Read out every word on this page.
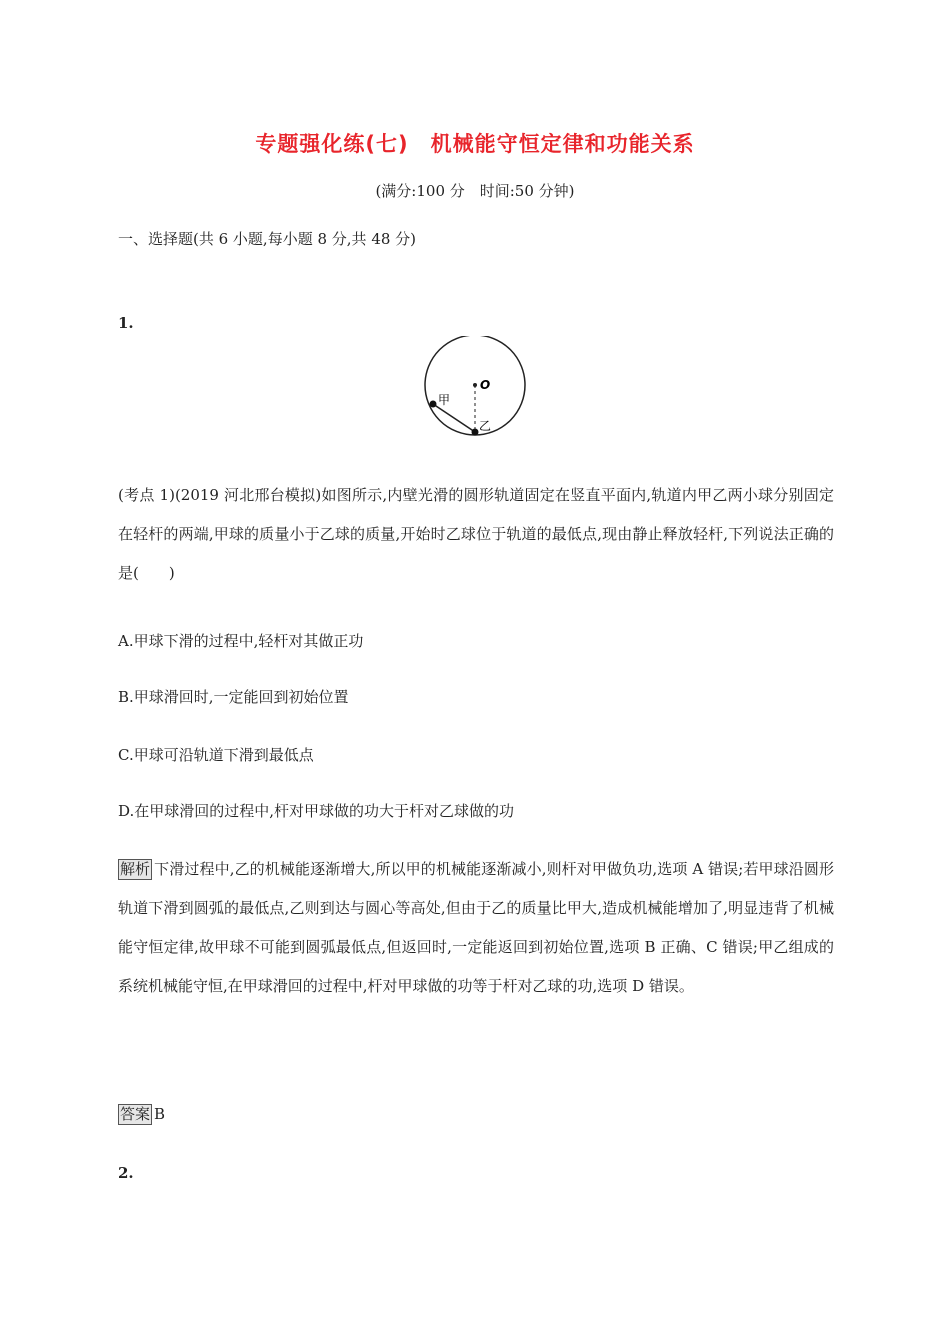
专题强化练(七)　机械能守恒定律和功能关系
(满分:100 分　时间:50 分钟)
一、选择题(共 6 小题,每小题 8 分,共 48 分)
1.
O
甲
乙
(考点 1)(2019 河北邢台模拟)如图所示,内壁光滑的圆形轨道固定在竖直平面内,轨道内甲乙两小球分别固定在轻杆的两端,甲球的质量小于乙球的质量,开始时乙球位于轨道的最低点,现由静止释放轻杆,下列说法正确的是(　　)
A.甲球下滑的过程中,轻杆对其做正功
B.甲球滑回时,一定能回到初始位置
C.甲球可沿轨道下滑到最低点
D.在甲球滑回的过程中,杆对甲球做的功大于杆对乙球做的功
解析 下滑过程中,乙的机械能逐渐增大,所以甲的机械能逐渐减小,则杆对甲做负功,选项 A 错误;若甲球沿圆形轨道下滑到圆弧的最低点,乙则到达与圆心等高处,但由于乙的质量比甲大,造成机械能增加了,明显违背了机械能守恒定律,故甲球不可能到圆弧最低点,但返回时,一定能返回到初始位置,选项 B 正确、C 错误;甲乙组成的系统机械能守恒,在甲球滑回的过程中,杆对甲球做的功等于杆对乙球的功,选项 D 错误。
答案 B
2.
